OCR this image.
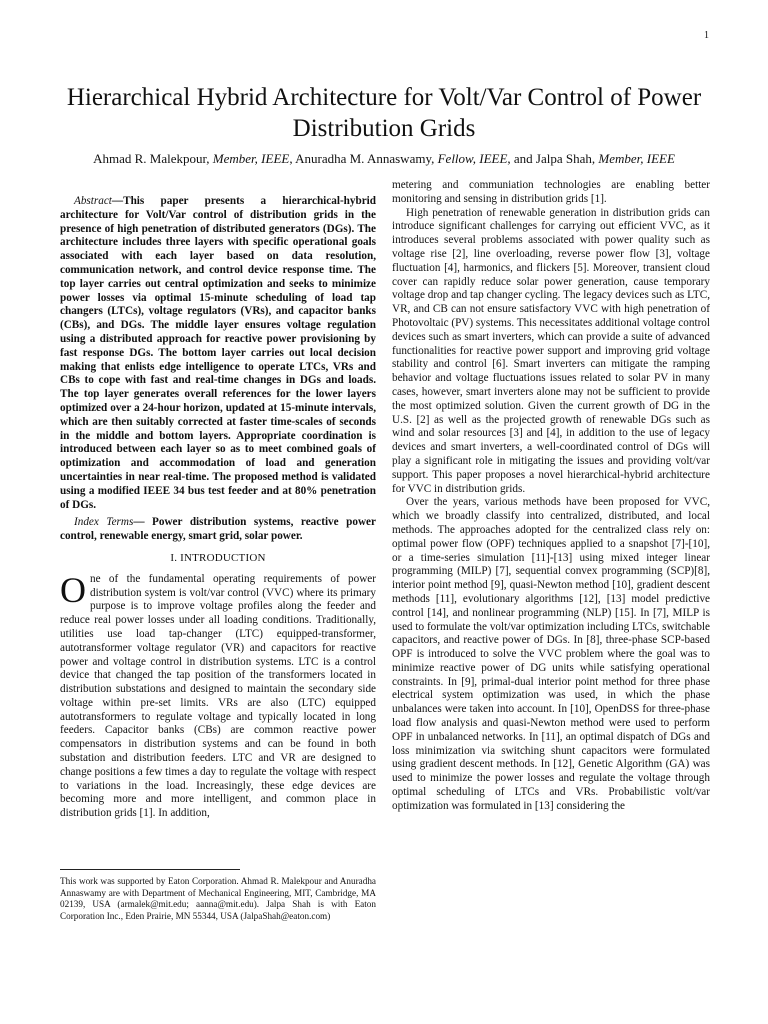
1
Hierarchical Hybrid Architecture for Volt/Var Control of Power Distribution Grids
Ahmad R. Malekpour, Member, IEEE, Anuradha M. Annaswamy, Fellow, IEEE, and Jalpa Shah, Member, IEEE

Abstract—This paper presents a hierarchical-hybrid architecture for Volt/Var control of distribution grids in the presence of high penetration of distributed generators (DGs). The architecture includes three layers with specific operational goals associated with each layer based on data resolution, communication network, and control device response time. The top layer carries out central optimization and seeks to minimize power losses via optimal 15-minute scheduling of load tap changers (LTCs), voltage regulators (VRs), and capacitor banks (CBs), and DGs. The middle layer ensures voltage regulation using a distributed approach for reactive power provisioning by fast response DGs. The bottom layer carries out local decision making that enlists edge intelligence to operate LTCs, VRs and CBs to cope with fast and real-time changes in DGs and loads. The top layer generates overall references for the lower layers optimized over a 24-hour horizon, updated at 15-minute intervals, which are then suitably corrected at faster time-scales of seconds in the middle and bottom layers. Appropriate coordination is introduced between each layer so as to meet combined goals of optimization and accommodation of load and generation uncertainties in near real-time. The proposed method is validated using a modified IEEE 34 bus test feeder and at 80% penetration of DGs.

Index Terms— Power distribution systems, reactive power control, renewable energy, smart grid, solar power.

I. INTRODUCTION

One of the fundamental operating requirements of power distribution system is volt/var control (VVC) where its primary purpose is to improve voltage profiles along the feeder and reduce real power losses under all loading conditions. Traditionally, utilities use load tap-changer (LTC) equipped-transformer, autotransformer voltage regulator (VR) and capacitors for reactive power and voltage control in distribution systems. LTC is a control device that changed the tap position of the transformers located in distribution substations and designed to maintain the secondary side voltage within pre-set limits. VRs are also (LTC) equipped autotransformers to regulate voltage and typically located in long feeders. Capacitor banks (CBs) are common reactive power compensators in distribution systems and can be found in both substation and distribution feeders. LTC and VR are designed to change positions a few times a day to regulate the voltage with respect to variations in the load. Increasingly, these edge devices are becoming more and more intelligent, and common place in distribution grids [1]. In addition,

This work was supported by Eaton Corporation. Ahmad R. Malekpour and Anuradha Annaswamy are with Department of Mechanical Engineering, MIT, Cambridge, MA 02139, USA (armalek@mit.edu; aanna@mit.edu). Jalpa Shah is with Eaton Corporation Inc., Eden Prairie, MN 55344, USA (JalpaShah@eaton.com)

metering and communiation technologies are enabling better monitoring and sensing in distribution grids [1].

High penetration of renewable generation in distribution grids can introduce significant challenges for carrying out efficient VVC, as it introduces several problems associated with power quality such as voltage rise [2], line overloading, reverse power flow [3], voltage fluctuation [4], harmonics, and flickers [5]. Moreover, transient cloud cover can rapidly reduce solar power generation, cause temporary voltage drop and tap changer cycling. The legacy devices such as LTC, VR, and CB can not ensure satisfactory VVC with high penetration of Photovoltaic (PV) systems. This necessitates additional voltage control devices such as smart inverters, which can provide a suite of advanced functionalities for reactive power support and improving grid voltage stability and control [6]. Smart inverters can mitigate the ramping behavior and voltage fluctuations issues related to solar PV in many cases, however, smart inverters alone may not be sufficient to provide the most optimized solution. Given the current growth of DG in the U.S. [2] as well as the projected growth of renewable DGs such as wind and solar resources [3] and [4], in addition to the use of legacy devices and smart inverters, a well-coordinated control of DGs will play a significant role in mitigating the issues and providing volt/var support. This paper proposes a novel hierarchical-hybrid architecture for VVC in distribution grids.

Over the years, various methods have been proposed for VVC, which we broadly classify into centralized, distributed, and local methods. The approaches adopted for the centralized class rely on: optimal power flow (OPF) techniques applied to a snapshot [7]-[10], or a time-series simulation [11]-[13] using mixed integer linear programming (MILP) [7], sequential convex programming (SCP)[8], interior point method [9], quasi-Newton method [10], gradient descent methods [11], evolutionary algorithms [12], [13] model predictive control [14], and nonlinear programming (NLP) [15]. In [7], MILP is used to formulate the volt/var optimization including LTCs, switchable capacitors, and reactive power of DGs. In [8], three-phase SCP-based OPF is introduced to solve the VVC problem where the goal was to minimize reactive power of DG units while satisfying operational constraints. In [9], primal-dual interior point method for three phase electrical system optimization was used, in which the phase unbalances were taken into account. In [10], OpenDSS for three-phase load flow analysis and quasi-Newton method were used to perform OPF in unbalanced networks. In [11], an optimal dispatch of DGs and loss minimization via switching shunt capacitors were formulated using gradient descent methods. In [12], Genetic Algorithm (GA) was used to minimize the power losses and regulate the voltage through optimal scheduling of LTCs and VRs. Probabilistic volt/var optimization was formulated in [13] considering the
